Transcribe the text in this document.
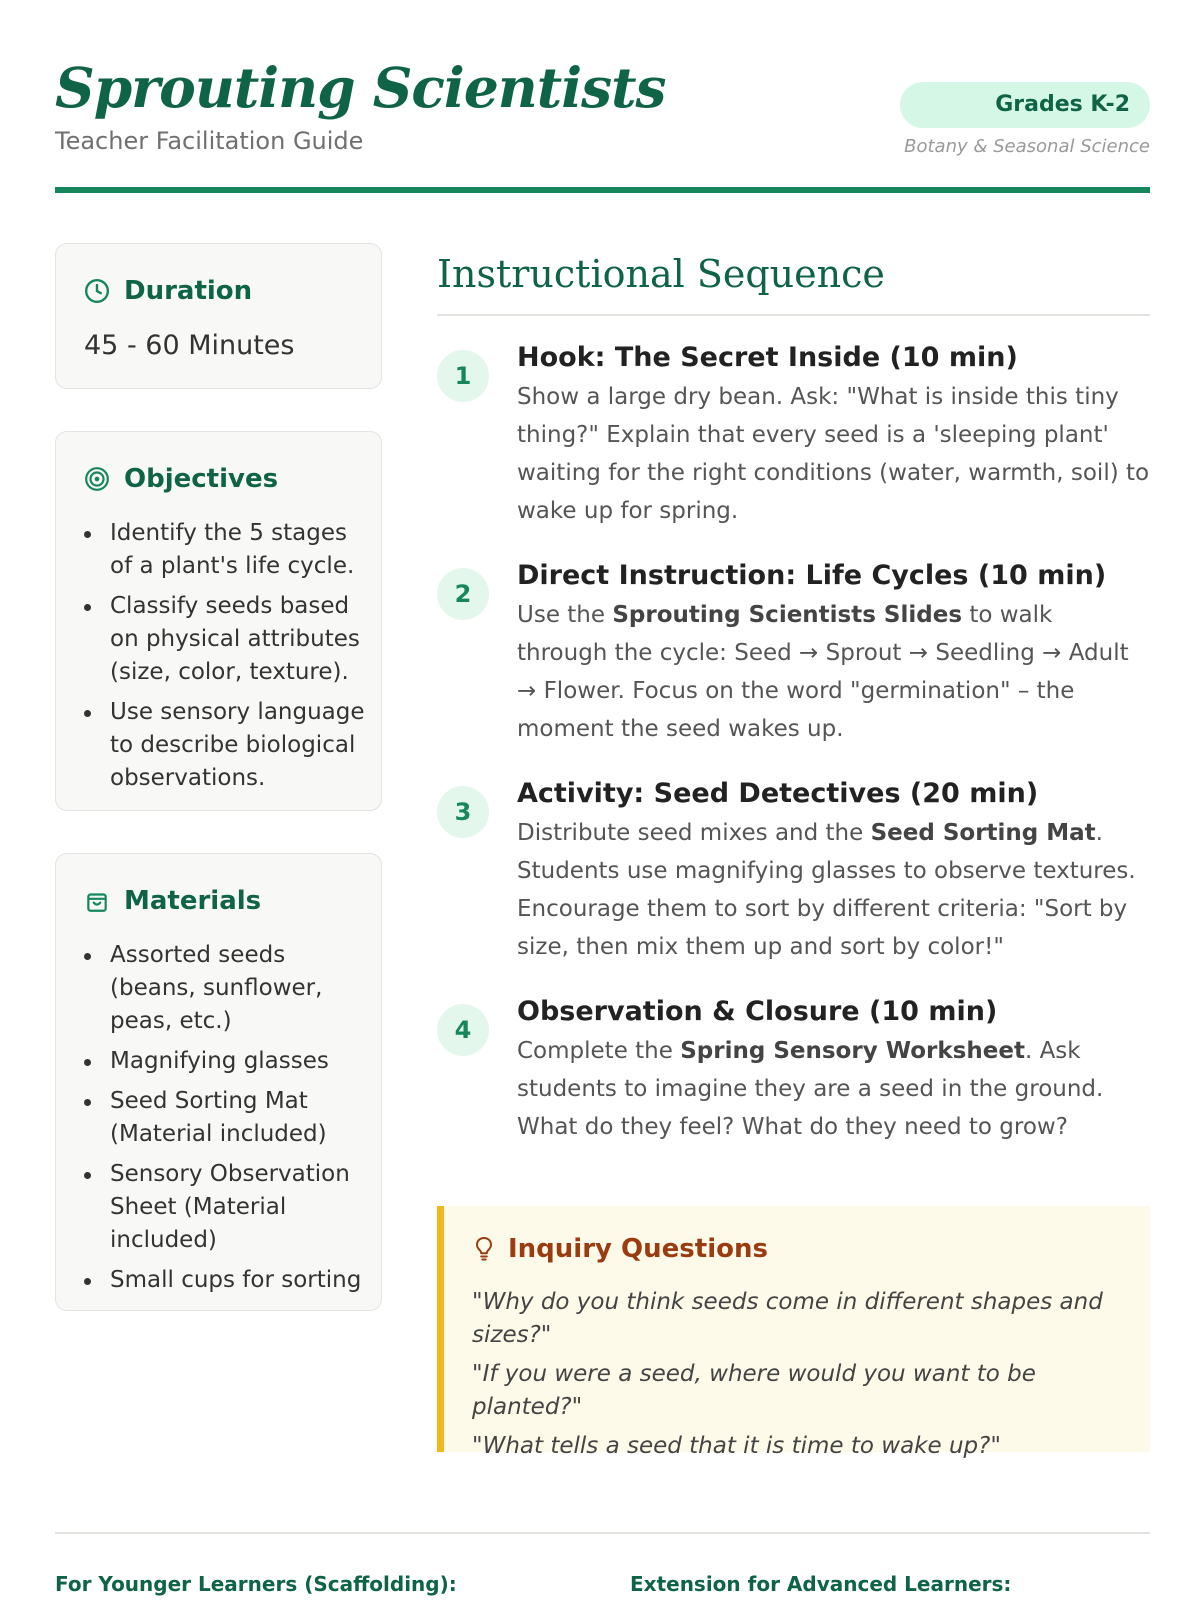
Sprouting Scientists
Teacher Facilitation Guide
Grades K-2
Botany & Seasonal Science
Duration
45 - 60 Minutes
Objectives
Identify the 5 stages of a plant's life cycle.
Classify seeds based on physical attributes (size, color, texture).
Use sensory language to describe biological observations.
Materials
Assorted seeds (beans, sunflower, peas, etc.)
Magnifying glasses
Seed Sorting Mat (Material included)
Sensory Observation Sheet (Material included)
Small cups for sorting
Instructional Sequence
1
Hook: The Secret Inside (10 min)
Show a large dry bean. Ask: "What is inside this tiny thing?" Explain that every seed is a 'sleeping plant' waiting for the right conditions (water, warmth, soil) to wake up for spring.
2
Direct Instruction: Life Cycles (10 min)
Use the Sprouting Scientists Slides to walk through the cycle: Seed → Sprout → Seedling → Adult → Flower. Focus on the word "germination" – the moment the seed wakes up.
3
Activity: Seed Detectives (20 min)
Distribute seed mixes and the Seed Sorting Mat. Students use magnifying glasses to observe textures. Encourage them to sort by different criteria: "Sort by size, then mix them up and sort by color!"
4
Observation & Closure (10 min)
Complete the Spring Sensory Worksheet. Ask students to imagine they are a seed in the ground. What do they feel? What do they need to grow?
Inquiry Questions
"Why do you think seeds come in different shapes and sizes?"
"If you were a seed, where would you want to be planted?"
"What tells a seed that it is time to wake up?"
For Younger Learners (Scaffolding):	Extension for Advanced Learners:
